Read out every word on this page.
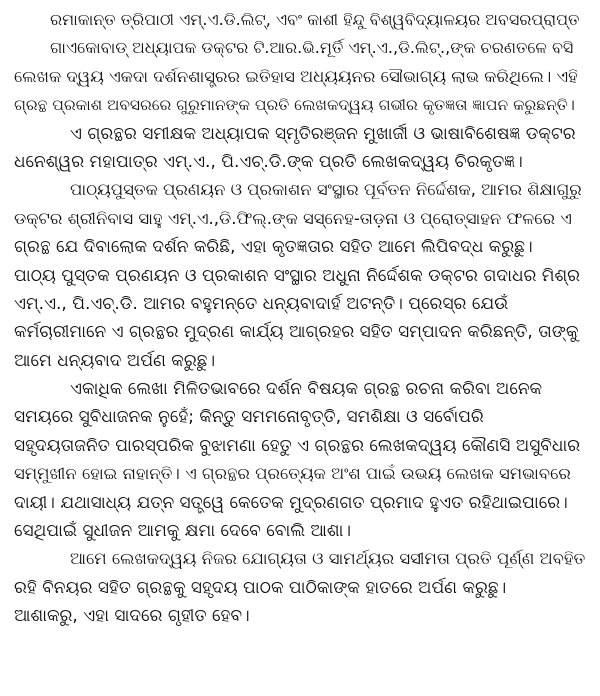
ରମାକାନ୍ତ ତ୍ରିପାଠୀ ଏମ୍‌.ଏ.ଡି.ଲିଟ୍‌, ଏବଂ କାଶୀ ହିନ୍ଦୁ ବିଶ୍ୱବିଦ୍ୟାଳୟର ଅବସରପ୍ରାପ୍ତ
ଗାଏକୋବାଡ୍‌ ଅଧ୍ୟାପକ ଡକ୍ଟର ଟି.ଆର.ଭି.ମୂର୍ତି ଏମ୍‌.ଏ.,ଡି.ଲିଟ୍‌.,ଙ୍କ ଚରଣତଳେ ବସି
ଲେଖକ ଦ୍ୱୟ ଏକଦା ଦର୍ଶନଶାସ୍ତ୍ରର ଇତିହାସ ଅଧ୍ୟୟନର ସୌଭାଗ୍ୟ ଲାଭ କରିଥିଲେ। ଏହି
ଗ୍ରନ୍ଥ ପ୍ରକାଶ ଅବସରରେ ଗୁରୁମାନଙ୍କ ପ୍ରତି ଲେଖକଦ୍ୱୟ ଗଭୀର କୃତଜ୍ଞତା ଜ୍ଞାପନ କରୁଛନ୍ତି।
ଏ ଗ୍ରନ୍ଥର ସମୀକ୍ଷକ ଅଧ୍ୟାପକ ସ୍ମୃତିରଞ୍ଜନ ମୁଖାର୍ଜୀ ଓ ଭାଷାବିଶେଷଜ୍ଞ ଡକ୍ଟର
ଧନେଶ୍ୱର ମହାପାତ୍ର ଏମ୍‌.ଏ., ପି.ଏଚ୍‌.ଡି.ଙ୍କ ପ୍ରତି ଲେଖକଦ୍ୱୟ ଚିରକୃତଜ୍ଞ।
ପାଠ୍ୟପୁସ୍ତକ ପ୍ରଣୟନ ଓ ପ୍ରକାଶନ ସଂସ୍ଥାର ପୂର୍ବତନ ନିର୍ଦ୍ଦେଶକ, ଆମର ଶିକ୍ଷାଗୁରୁ
ଡକ୍ଟର ଶ୍ରୀନିବାସ ସାହୁ ଏମ୍‌.ଏ.,ଡି.ଫିଲ୍‌.ଙ୍କ ସସ୍ନେହ-ତାଡ଼ନା ଓ ପ୍ରୋତ୍ସାହନ ଫଳରେ ଏ
ଗ୍ରନ୍ଥ ଯେ ଦିବାଲୋକ ଦର୍ଶନ କରିଛି, ଏହା କୃତଜ୍ଞତାର ସହିତ ଆମେ ଲିପିବଦ୍ଧ କରୁଛୁ।
ପାଠ୍ୟ ପୁସ୍ତକ ପ୍ରଣୟନ ଓ ପ୍ରକାଶନ ସଂସ୍ଥାର ଅଧୁନା ନିର୍ଦ୍ଦେଶକ ଡକ୍ଟର ଗଦାଧର ମିଶ୍ର
ଏମ୍‌.ଏ., ପି.ଏଚ୍‌.ଡି. ଆମର ବହୁମନ୍ତେ ଧନ୍ୟବାଦାର୍ହ ଅଟନ୍ତି। ପ୍ରେସ୍‌ର ଯେଉଁ
କର୍ମଚାରୀମାନେ ଏ ଗ୍ରନ୍ଥର ମୁଦ୍ରଣ କାର୍ଯ୍ୟ ଆଗ୍ରହର ସହିତ ସମ୍ପାଦନ କରିଛନ୍ତି, ତାଙ୍କୁ
ଆମେ ଧନ୍ୟବାଦ ଅର୍ପଣ କରୁଛୁ।
ଏକାଧିକ ଲେଖା ମିଳିତଭାବରେ ଦର୍ଶନ ବିଷୟକ ଗ୍ରନ୍ଥ ରଚନା କରିବା ଅନେକ
ସମୟରେ ସୁବିଧାଜନକ ନୁହେଁ; କିନ୍ତୁ ସମମନୋବୃତ୍ତି, ସମଶିକ୍ଷା ଓ ସର୍ବୋପରି
ସହୃଦୟତାଜନିତ ପାରସ୍ପରିକ ବୁଝାମଣା ହେତୁ ଏ ଗ୍ରନ୍ଥର ଲେଖକଦ୍ୱୟ କୌଣସି ଅସୁବିଧାର
ସମ୍ମୁଖୀନ ହୋଇ ନାହାନ୍ତି। ଏ ଗ୍ରନ୍ଥର ପ୍ରତ୍ୟେକ ଅଂଶ ପାଇଁ ଉଭୟ ଲେଖକ ସମଭାବରେ
ଦାୟୀ। ଯଥାସାଧ୍ୟ ଯତ୍ନ ସତ୍ତ୍ୱେ କେତେକ ମୁଦ୍ରଣଗତ ପ୍ରମାଦ ହୁଏତ ରହିଥାଇପାରେ।
ସେଥିପାଇଁ ସୁଧୀଜନ ଆମକୁ କ୍ଷମା ଦେବେ ବୋଲି ଆଶା।
ଆମେ ଲେଖକଦ୍ୱୟ ନିଜର ଯୋଗ୍ୟତା ଓ ସାମର୍ଥ୍ୟର ସସୀମତା ପ୍ରତି ପୂର୍ଣ୍ଣ ଅବହିତ
ରହି ବିନୟର ସହିତ ଗ୍ରନ୍ଥକୁ ସହୃଦୟ ପାଠକ ପାଠିକାଙ୍କ ହାତରେ ଅର୍ପଣ କରୁଛୁ।
ଆଶାକରୁ, ଏହା ସାଦରେ ଗୃହୀତ ହେବ।
